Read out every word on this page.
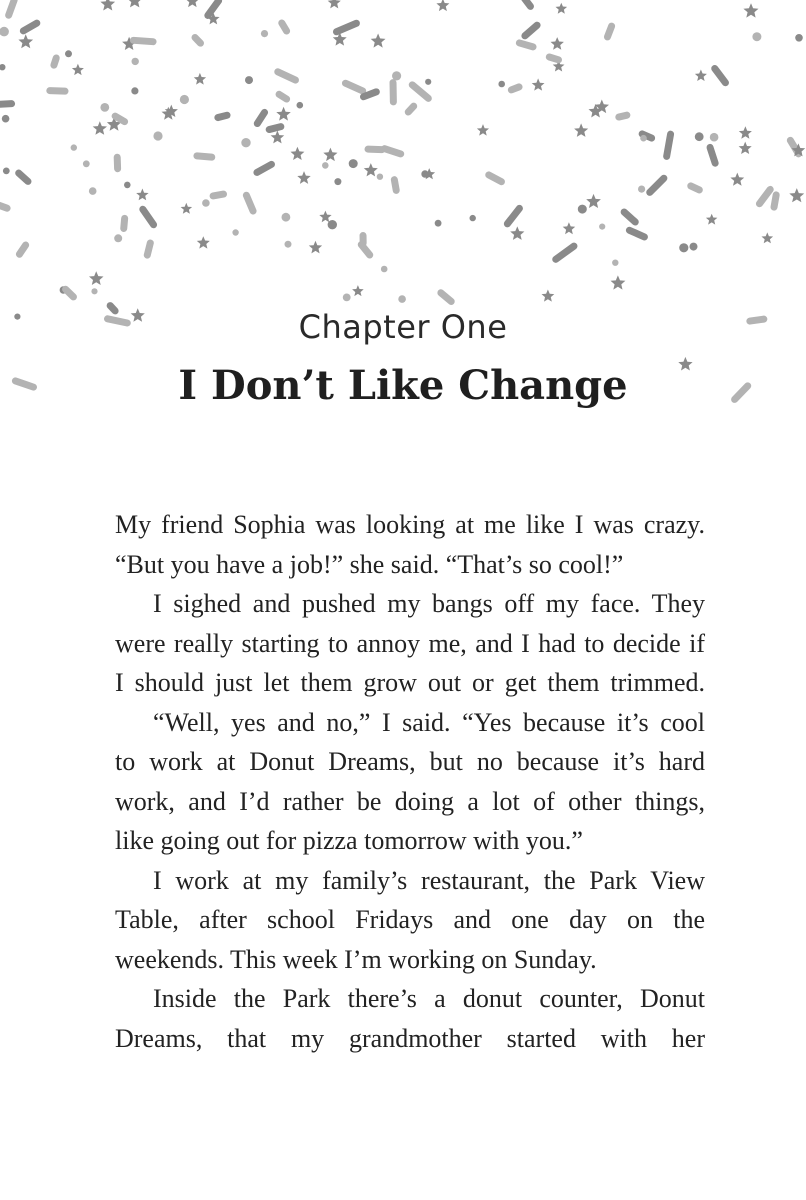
Chapter One
I Don’t Like Change
My friend Sophia was looking at me like I was crazy.
“But you have a job!” she said. “That’s so cool!”
I sighed and pushed my bangs off my face. They
were really starting to annoy me, and I had to decide if
I should just let them grow out or get them trimmed.
“Well, yes and no,” I said. “Yes because it’s cool
to work at Donut Dreams, but no because it’s hard
work, and I’d rather be doing a lot of other things,
like going out for pizza tomorrow with you.”
I work at my family’s restaurant, the Park View
Table, after school Fridays and one day on the
weekends. This week I’m working on Sunday.
Inside the Park there’s a donut counter, Donut
Dreams, that my grandmother started with her
